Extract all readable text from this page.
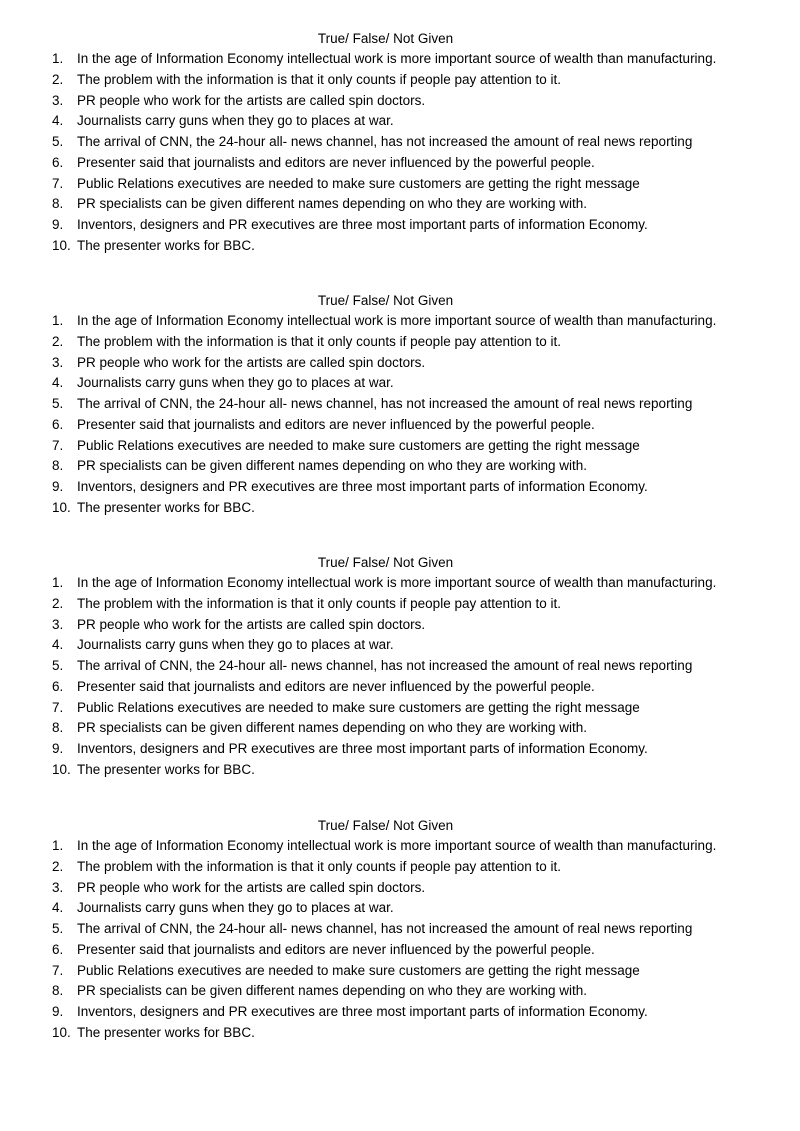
True/ False/ Not Given
1. In the age of Information Economy intellectual work is more important source of wealth than manufacturing.
2. The problem with the information is that it only counts if people pay attention to it.
3. PR people who work for the artists are called spin doctors.
4. Journalists carry guns when they go to places at war.
5. The arrival of CNN, the 24-hour all- news channel, has not increased the amount of real news reporting
6. Presenter said that journalists and editors are never influenced by the powerful people.
7. Public Relations executives are needed to make sure customers are getting the right message
8. PR specialists can be given different names depending on who they are working with.
9. Inventors, designers and PR executives are three most important parts of information Economy.
10. The presenter works for BBC.
True/ False/ Not Given
1. In the age of Information Economy intellectual work is more important source of wealth than manufacturing.
2. The problem with the information is that it only counts if people pay attention to it.
3. PR people who work for the artists are called spin doctors.
4. Journalists carry guns when they go to places at war.
5. The arrival of CNN, the 24-hour all- news channel, has not increased the amount of real news reporting
6. Presenter said that journalists and editors are never influenced by the powerful people.
7. Public Relations executives are needed to make sure customers are getting the right message
8. PR specialists can be given different names depending on who they are working with.
9. Inventors, designers and PR executives are three most important parts of information Economy.
10. The presenter works for BBC.
True/ False/ Not Given
1. In the age of Information Economy intellectual work is more important source of wealth than manufacturing.
2. The problem with the information is that it only counts if people pay attention to it.
3. PR people who work for the artists are called spin doctors.
4. Journalists carry guns when they go to places at war.
5. The arrival of CNN, the 24-hour all- news channel, has not increased the amount of real news reporting
6. Presenter said that journalists and editors are never influenced by the powerful people.
7. Public Relations executives are needed to make sure customers are getting the right message
8. PR specialists can be given different names depending on who they are working with.
9. Inventors, designers and PR executives are three most important parts of information Economy.
10. The presenter works for BBC.
True/ False/ Not Given
1. In the age of Information Economy intellectual work is more important source of wealth than manufacturing.
2. The problem with the information is that it only counts if people pay attention to it.
3. PR people who work for the artists are called spin doctors.
4. Journalists carry guns when they go to places at war.
5. The arrival of CNN, the 24-hour all- news channel, has not increased the amount of real news reporting
6. Presenter said that journalists and editors are never influenced by the powerful people.
7. Public Relations executives are needed to make sure customers are getting the right message
8. PR specialists can be given different names depending on who they are working with.
9. Inventors, designers and PR executives are three most important parts of information Economy.
10. The presenter works for BBC.
